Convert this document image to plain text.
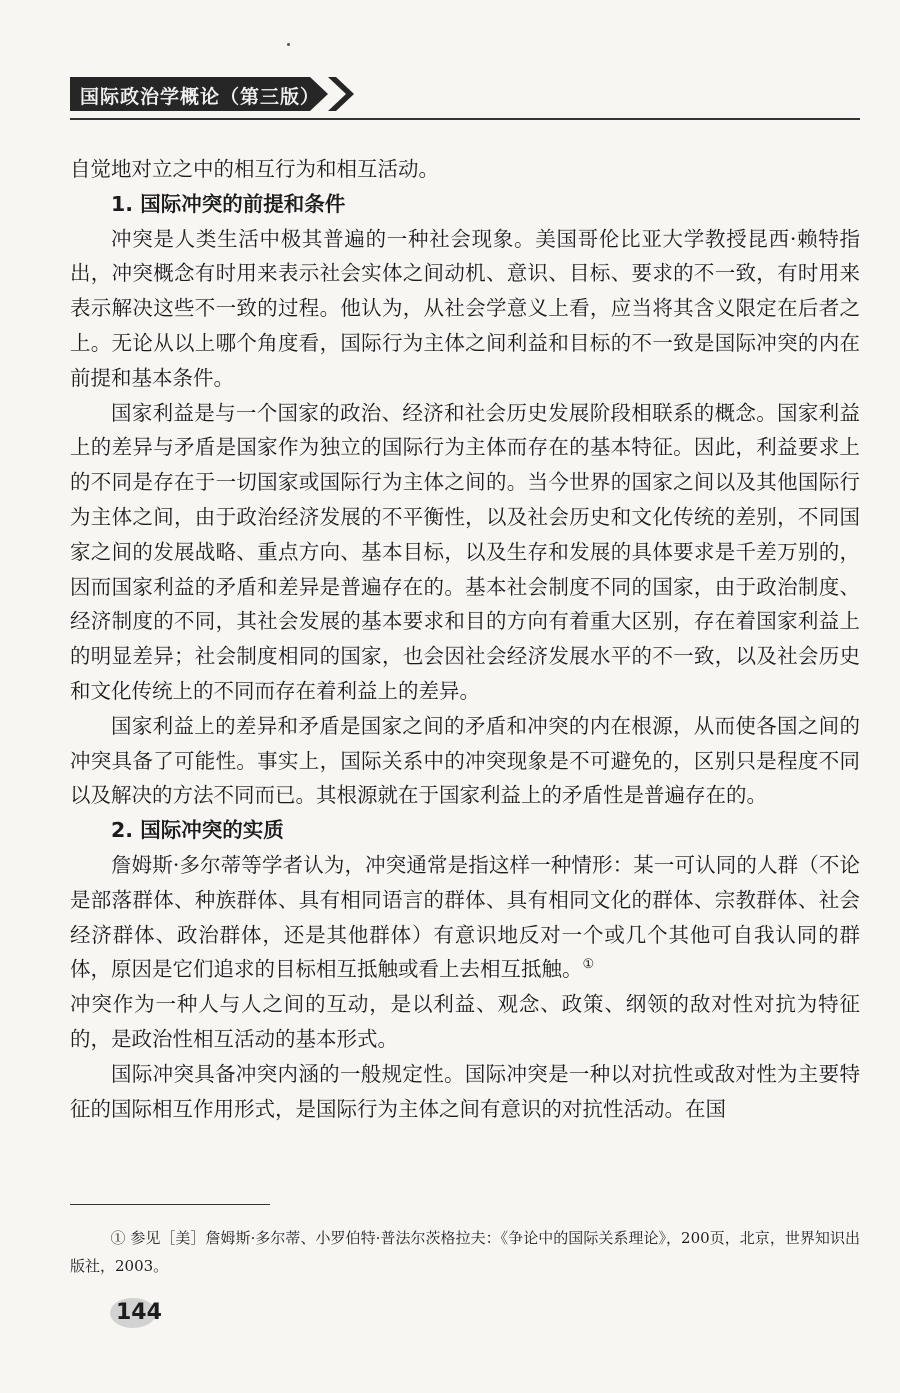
国际政治学概论（第三版）

自觉地对立之中的相互行为和相互活动。

1. 国际冲突的前提和条件

冲突是人类生活中极其普遍的一种社会现象。美国哥伦比亚大学教授昆西·赖特指出，冲突概念有时用来表示社会实体之间动机、意识、目标、要求的不一致，有时用来表示解决这些不一致的过程。他认为，从社会学意义上看，应当将其含义限定在后者之上。无论从以上哪个角度看，国际行为主体之间利益和目标的不一致是国际冲突的内在前提和基本条件。

国家利益是与一个国家的政治、经济和社会历史发展阶段相联系的概念。国家利益上的差异与矛盾是国家作为独立的国际行为主体而存在的基本特征。因此，利益要求上的不同是存在于一切国家或国际行为主体之间的。当今世界的国家之间以及其他国际行为主体之间，由于政治经济发展的不平衡性，以及社会历史和文化传统的差别，不同国家之间的发展战略、重点方向、基本目标，以及生存和发展的具体要求是千差万别的，因而国家利益的矛盾和差异是普遍存在的。基本社会制度不同的国家，由于政治制度、经济制度的不同，其社会发展的基本要求和目的方向有着重大区别，存在着国家利益上的明显差异；社会制度相同的国家，也会因社会经济发展水平的不一致，以及社会历史和文化传统上的不同而存在着利益上的差异。

国家利益上的差异和矛盾是国家之间的矛盾和冲突的内在根源，从而使各国之间的冲突具备了可能性。事实上，国际关系中的冲突现象是不可避免的，区别只是程度不同以及解决的方法不同而已。其根源就在于国家利益上的矛盾性是普遍存在的。

2. 国际冲突的实质

詹姆斯·多尔蒂等学者认为，冲突通常是指这样一种情形：某一可认同的人群（不论是部落群体、种族群体、具有相同语言的群体、具有相同文化的群体、宗教群体、社会经济群体、政治群体，还是其他群体）有意识地反对一个或几个其他可自我认同的群体，原因是它们追求的目标相互抵触或看上去相互抵触。①

冲突作为一种人与人之间的互动，是以利益、观念、政策、纲领的敌对性对抗为特征的，是政治性相互活动的基本形式。

国际冲突具备冲突内涵的一般规定性。国际冲突是一种以对抗性或敌对性为主要特征的国际相互作用形式，是国际行为主体之间有意识的对抗性活动。在国

① 参见［美］詹姆斯·多尔蒂、小罗伯特·普法尔茨格拉夫：《争论中的国际关系理论》，200页，北京，世界知识出版社，2003。

144
